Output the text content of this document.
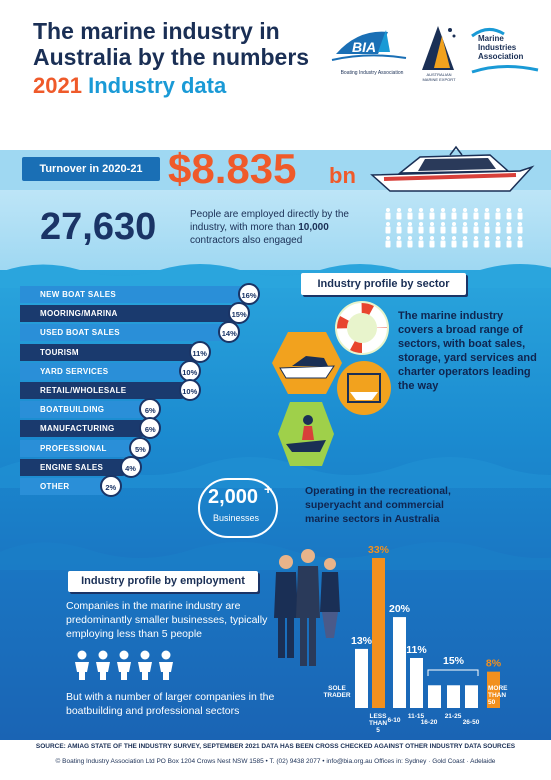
The marine industry in Australia by the numbers
2021 Industry data
BIA
Boating Industry Association	AUSTRALIAN MARINE EXPORT
Marine Industries Association
Turnover in 2020-21 $8.835 bn
27,630	People are employed directly by the industry, with more than 10,000 contractors also engaged
NEW BOAT SALES	16%
MOORING/MARINA	15%
USED BOAT SALES	14%
TOURISM	11%
YARD SERVICES	10%
RETAIL/WHOLESALE	10%
BOATBUILDING	6%
MANUFACTURING	6%
PROFESSIONAL	5%
ENGINE SALES	4%
OTHER	2%
Industry profile by sector
The marine industry covers a broad range of sectors, with boat sales, storage, yard services and charter operators leading the way
2,000 +
Businesses
Operating in the recreational, superyacht and commercial marine sectors in Australia
Industry profile by employment
Companies in the marine industry are predominantly smaller businesses, typically employing less than 5 people
But with a number of larger companies in the boatbuilding and professional sectors
13%
33%
20%
11%
8%
15%
SOLE TRADER
LESS THAN 5
6-10
11-15
16-20
21-25
26-50
MORE THAN 50
SOURCE: AMIAG STATE OF THE INDUSTRY SURVEY, SEPTEMBER 2021 DATA HAS BEEN CROSS CHECKED AGAINST OTHER INDUSTRY DATA SOURCES
© Boating Industry Association Ltd PO Box 1204 Crows Nest NSW 1585 • T. (02) 9438 2077 • info@bia.org.au Offices in: Sydney · Gold Coast · Adelaide
